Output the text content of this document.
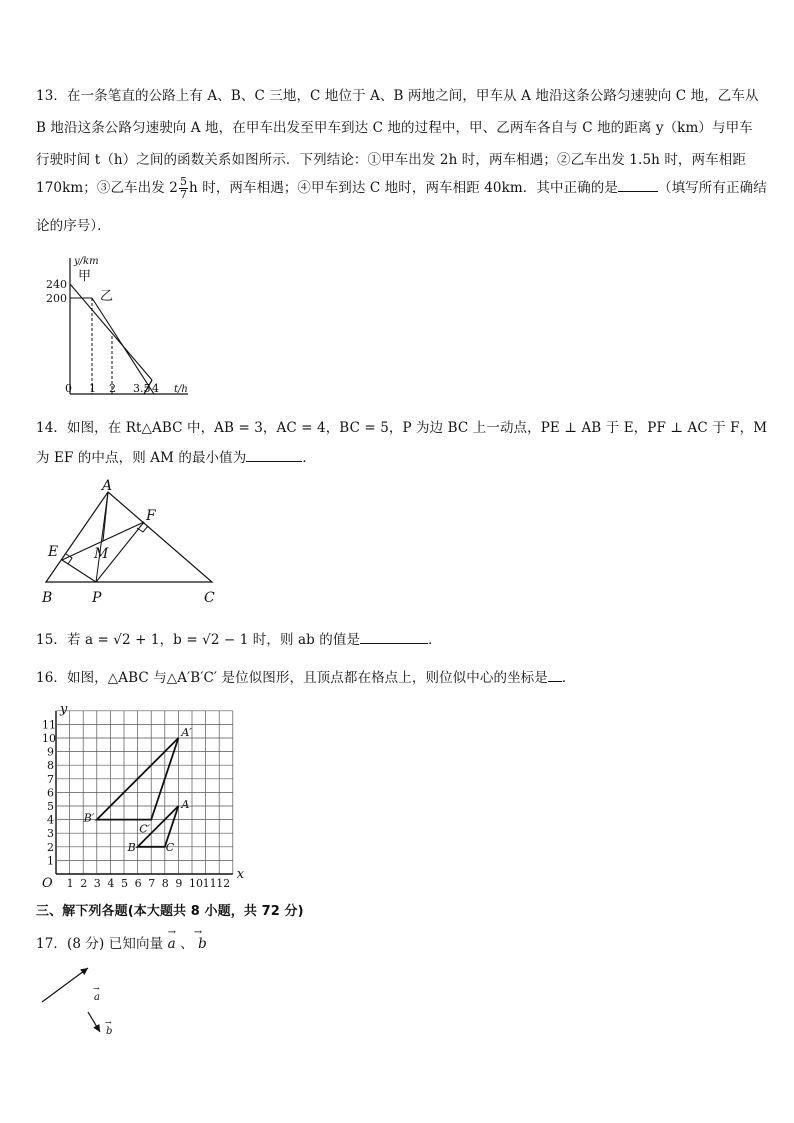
13．在一条笔直的公路上有 A、B、C 三地，C 地位于 A、B 两地之间，甲车从 A 地沿这条公路匀速驶向 C 地，乙车从
B 地沿这条公路匀速驶向 A 地，在甲车出发至甲车到达 C 地的过程中，甲、乙两车各自与 C 地的距离 y（km）与甲车
行驶时间 t（h）之间的函数关系如图所示．下列结论：①甲车出发 2h 时，两车相遇；②乙车出发 1.5h 时，两车相距
170km；③乙车出发 $2 \frac{5}{7}$ h 时，两车相遇；④甲车到达 C 地时，两车相距 40km．其中正确的是	（填写所有正确结
论的序号）．
y/km
甲
乙
240
200
0 1 2 3.5 4 t/h
14．如图，在 Rt△ABC 中，AB = 3，AC = 4，BC = 5，P 为边 BC 上一动点，PE ⊥ AB 于 E，PF ⊥ AC 于 F，M
为 EF 的中点，则 AM 的最小值为	．
A
F
E	M
B	P	C
15．若 a = √2 + 1，b = √2 − 1 时，则 ab 的值是	．
16．如图，△ABC 与△A′B′C′ 是位似图形，且顶点都在格点上，则位似中心的坐标是 ．
1 2 3 4 5 6 7 8 9 10 11 12
1
2
3
4
5
6
7
8
9
10
11
A
B	C
A′
B′
C′
O
x
y
三、解下列各题(本大题共 8 小题，共 72 分)
17．(8 分) 已知向量
→
a 、
→
b
a
→
b
→
